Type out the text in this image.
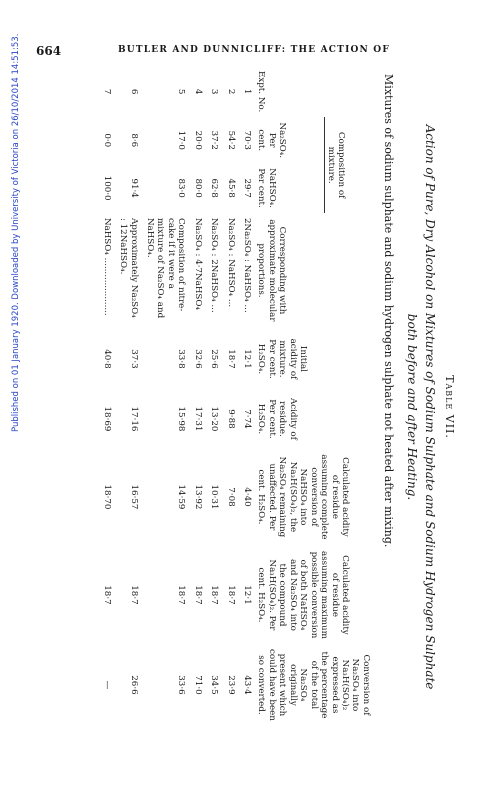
664	BUTLER AND DUNNICLIFF: THE ACTION OF
Published on 01 January 1920. Downloaded by University of Victoria on 26/10/2014 14:51:53.	Table VII.
Action of Pure, Dry Alcohol on Mixtures of Sodium Sulphate and Sodium Hydrogen Sulphate
both before and after Heating.
Mixtures of sodium sulphate and sodium hydrogen sulphate not heated after mixing.
Expt. No.	Composition of mixture.		Corresponding with approximate molecular proportions.	Initial acidity of mixture. Per cent. H₂SO₄.	Acidity of residue. Per cent. H₂SO₄.	Calculated acidity of residue assuming complete conversion of NaHSO₄ into Na₃H(SO₄)₂, the Na₂SO₄ remaining unaffected. Per cent. H₂SO₄.	Calculated acidity of residue assuming maximum possible conversion of both NaHSO₄ and Na₂SO₄ into the compound Na₃H(SO₄)₂. Per cent. H₂SO₄.	Conversion of Na₂SO₄ into Na₃H(SO₄)₂ expressed as the percentage of the total Na₂SO₄ originally present which could have been so converted.
	Na₂SO₄. Per cent.	NaHSO₄. Per cent.						
1	70·3	29·7	2Na₂SO₄ : NaHSO₄ ...	12·1	7·74	4·40	12·1	43·4
2	54·2	45·8	Na₂SO₄ : NaHSO₄ ...	18·7	9·88	7·08	18·7	23·9
3	37·2	62·8	Na₂SO₄ : 2NaHSO₄ ...	25·6	13·20	10·31	18·7	34·5
4	20·0	80·0	Na₂SO₄ : 4·7NaHSO₄	32·6	17·31	13·92	18·7	71·0
5	17·0	83·0	Composition of nitre-cake if it were a mixture of Na₂SO₄ and NaHSO₄.	33·8	15·98	14·59	18·7	33·6
6	8·6	91·4	Approximately Na₂SO₄ : 12NaHSO₄.	37·3	17·16	16·57	18·7	26·6
7	0·0	100·0	NaHSO₄ .....................	40·8	18·69	18·70	18·7	—
